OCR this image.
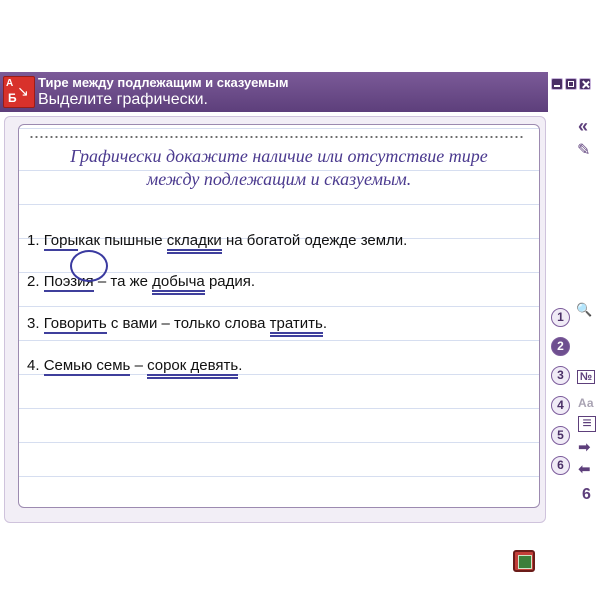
А ↘
Б
Тире между подлежащим и сказуемым
Выделите графически.
«
✎
🔍
№
Аа
≡
➡
⬅
6
Графически докажите наличие или отсутствие тире
между подлежащим и сказуемым.
1. Горыкак пышные складки на богатой одежде земли.
2. Поэзия – та же добыча радия.
3. Говорить с вами – только слова тратить.
4. Семью семь – сорок девять.
1
2
3
4
5
6
